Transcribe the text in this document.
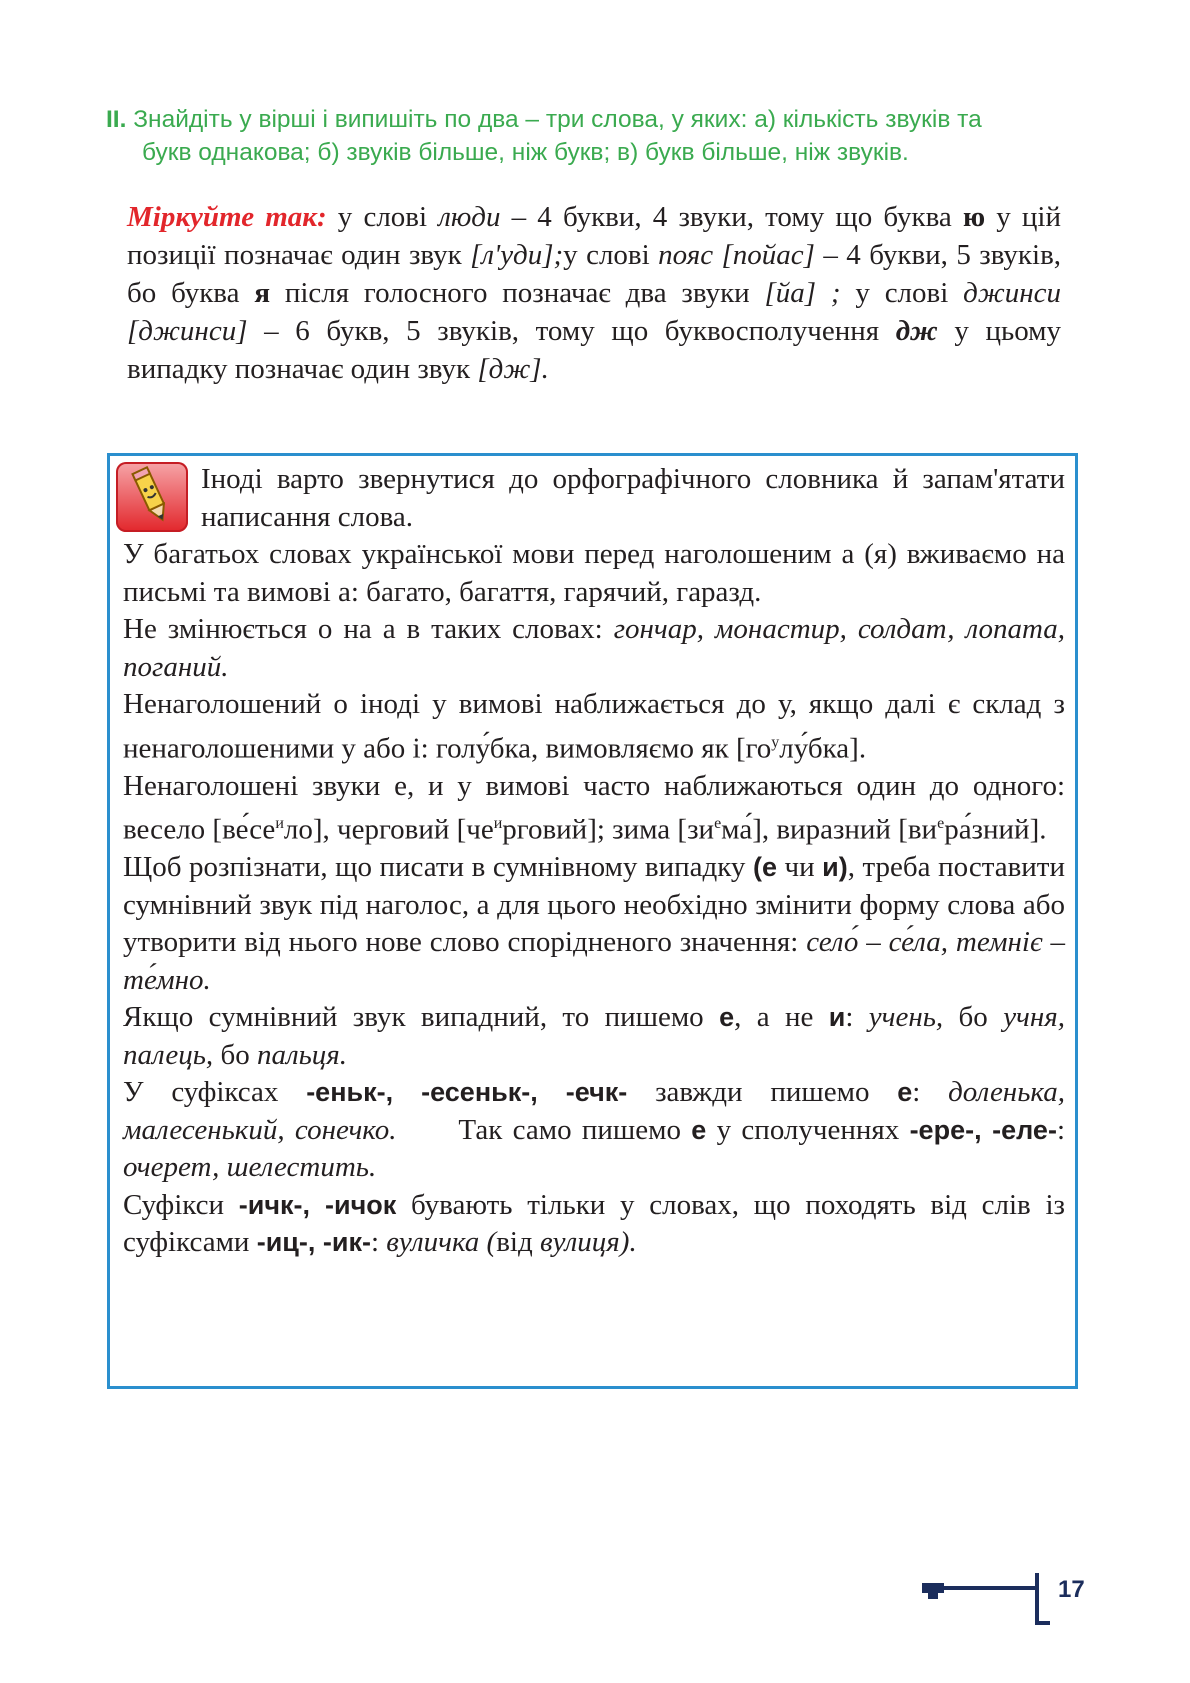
II. Знайдіть у вірші і випишіть по два – три слова, у яких: а) кількість звуків та
букв однакова; б) звуків більше, ніж букв; в) букв більше, ніж звуків.
Міркуйте так: у слові люди – 4 букви, 4 звуки, тому що буква ю у цій позиції позначає один звук [л'уди];у слові пояс [пойас] – 4 букви, 5 звуків, бо буква я після голосного позначає два звуки [йа] ; у слові джинси [джинси] – 6 букв, 5 звуків, тому що буквосполучення дж у цьому випадку позначає один звук [дж].

Іноді варто звернутися до орфографічного словника й запам'ятати написання слова.

У багатьох словах української мови перед наголошеним а (я) вживаємо на письмі та вимові а: багато, багаття, гарячий, гаразд.

Не змінюється о на а в таких словах: гончар, монастир, солдат, лопата, поганий.

Ненаголошений о іноді у вимові наближається до у, якщо далі є склад з ненаголошеними у або і: голу́бка, вимовляємо як $[го^улу́бка]$.

Ненаголошені звуки е, и у вимові часто наближаються один до одного: весело $[ве́се^ило]$, черговий $[че^ирговий]$; зима $[зи^ема́]$, виразний $[ви^ера́зний]$.

Щоб розпізнати, що писати в сумнівному випадку (е чи и), треба поставити сумнівний звук під наголос, а для цього необхідно змінити форму слова або утворити від нього нове слово спорідненого значення: село́ – се́ла, темніє – те́мно.

Якщо сумнівний звук випадний, то пишемо е, а не и: учень, бо учня, палець, бо пальця.

У суфіксах -еньк-, -есеньк-, -ечк- завжди пишемо е: доленька, малесенький, сонечко.      Так само пишемо е у сполученнях -ере-, -еле-: очерет, шелестить.

Суфікси -ичк-, -ичок бувають тільки у словах, що походять від слів із суфіксами -иц-, -ик-: вуличка (від вулиця).

17
